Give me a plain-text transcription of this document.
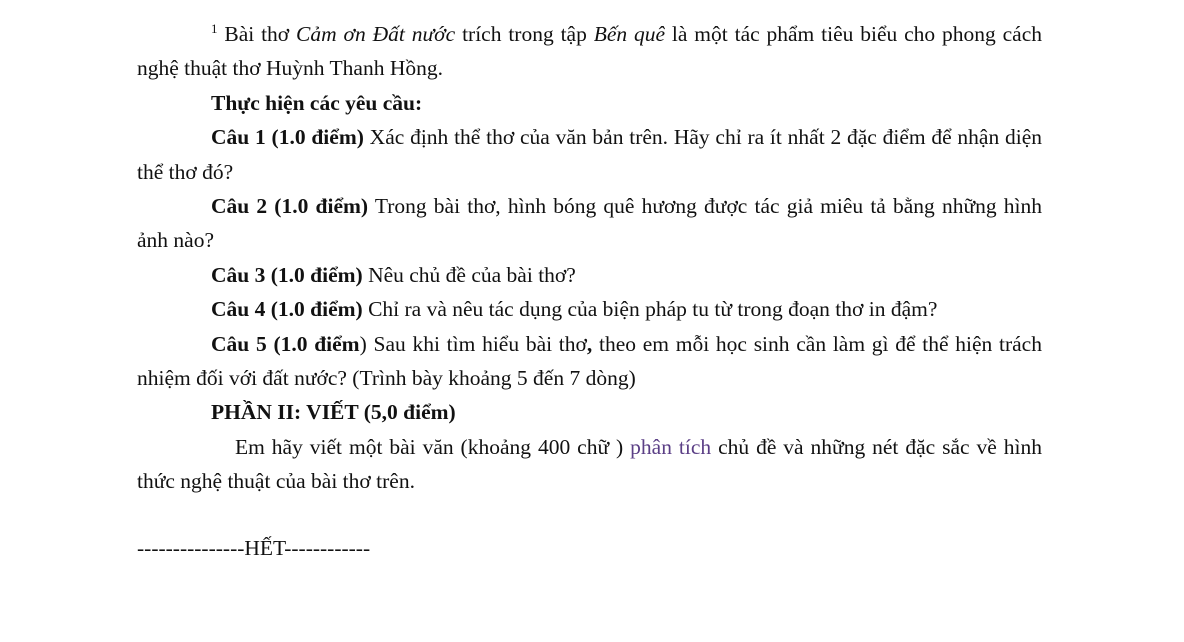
$^1$ Bài thơ Cảm ơn Đất nước trích trong tập Bến quê là một tác phẩm tiêu biểu cho phong cách nghệ thuật thơ Huỳnh Thanh Hồng.

Thực hiện các yêu cầu:

Câu 1 (1.0 điểm) Xác định thể thơ của văn bản trên. Hãy chỉ ra ít nhất 2 đặc điểm để nhận diện thể thơ đó?

Câu 2 (1.0 điểm) Trong bài thơ, hình bóng quê hương được tác giả miêu tả bằng những hình ảnh nào?

Câu 3 (1.0 điểm) Nêu chủ đề của bài thơ?

Câu 4 (1.0 điểm) Chỉ ra và nêu tác dụng của biện pháp tu từ trong đoạn thơ in đậm?

Câu 5 (1.0 điểm) Sau khi tìm hiểu bài thơ, theo em mỗi học sinh cần làm gì để thể hiện trách nhiệm đối với đất nước? (Trình bày khoảng 5 đến 7 dòng)

PHẦN II: VIẾT (5,0 điểm)

Em hãy viết một bài văn (khoảng 400 chữ ) phân tích chủ đề và những nét đặc sắc về hình thức nghệ thuật của bài thơ trên.

---------------HẾT------------
